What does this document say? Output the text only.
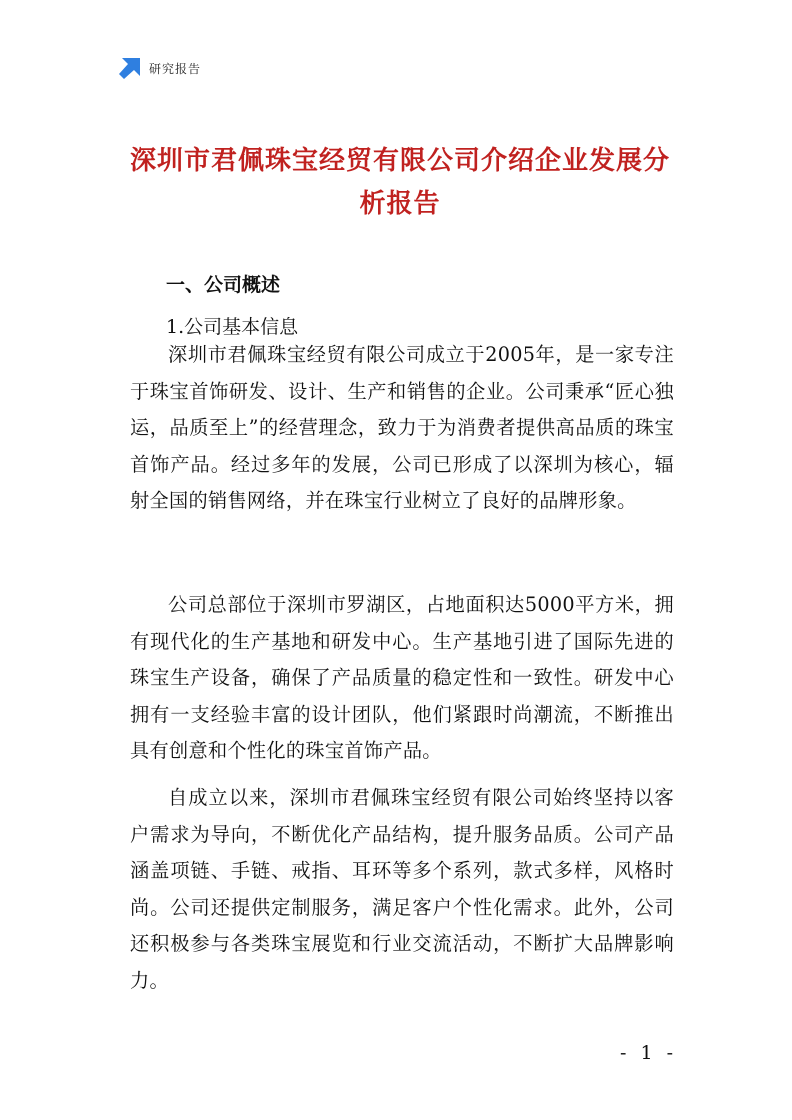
研究报告
深圳市君佩珠宝经贸有限公司介绍企业发展分析报告
一、公司概述
1.公司基本信息

深圳市君佩珠宝经贸有限公司成立于2005年，是一家专注于珠宝首饰研发、设计、生产和销售的企业。公司秉承“匠心独运，品质至上”的经营理念，致力于为消费者提供高品质的珠宝首饰产品。经过多年的发展，公司已形成了以深圳为核心，辐射全国的销售网络，并在珠宝行业树立了良好的品牌形象。

公司总部位于深圳市罗湖区，占地面积达5000平方米，拥有现代化的生产基地和研发中心。生产基地引进了国际先进的珠宝生产设备，确保了产品质量的稳定性和一致性。研发中心拥有一支经验丰富的设计团队，他们紧跟时尚潮流，不断推出具有创意和个性化的珠宝首饰产品。

自成立以来，深圳市君佩珠宝经贸有限公司始终坚持以客户需求为导向，不断优化产品结构，提升服务品质。公司产品涵盖项链、手链、戒指、耳环等多个系列，款式多样，风格时尚。公司还提供定制服务，满足客户个性化需求。此外，公司还积极参与各类珠宝展览和行业交流活动，不断扩大品牌影响力。

- 1 -
